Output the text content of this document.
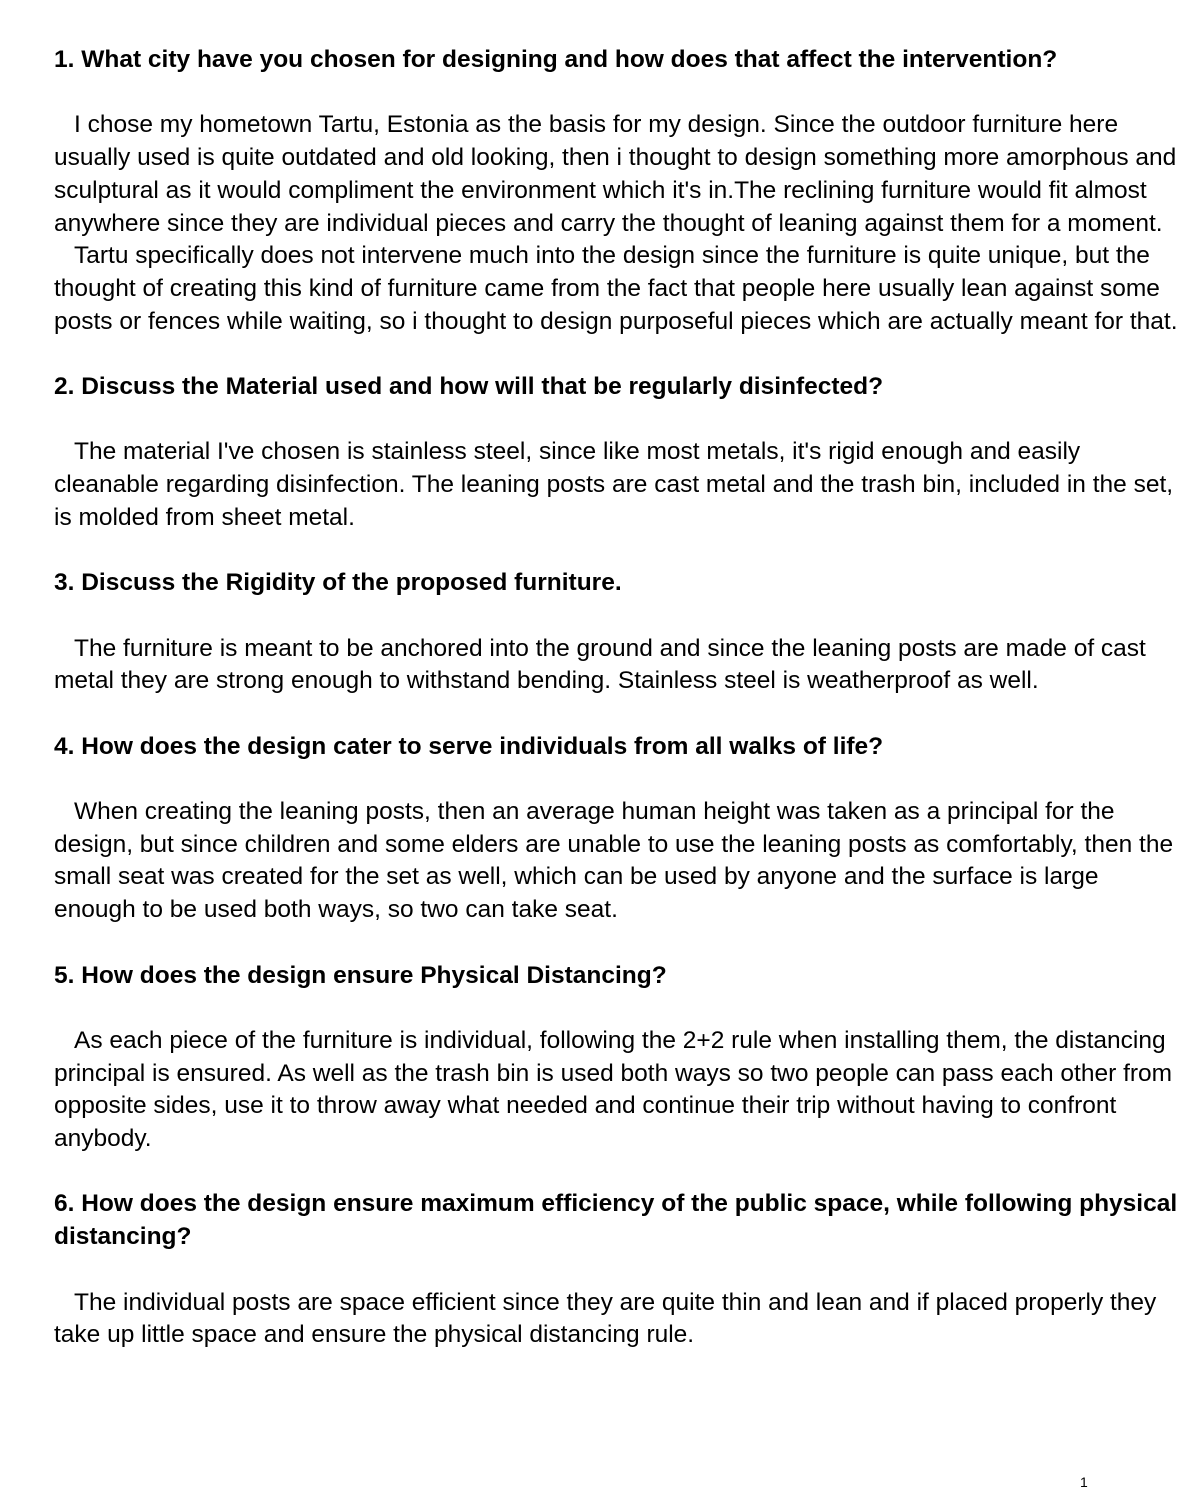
1. What city have you chosen for designing and how does that affect the intervention?

I chose my hometown Tartu, Estonia as the basis for my design. Since the outdoor furniture here usually used is quite outdated and old looking, then i thought to design something more amorphous and sculptural as it would compliment the environment which it's in.The reclining furniture would fit almost anywhere since they are individual pieces and carry the thought of leaning against them for a moment.

Tartu specifically does not intervene much into the design since the furniture is quite unique, but the thought of creating this kind of furniture came from the fact that people here usually lean against some posts or fences while waiting, so i thought to design purposeful pieces which are actually meant for that.

2. Discuss the Material used and how will that be regularly disinfected?

The material I've chosen is stainless steel, since like most metals, it's rigid enough and easily cleanable regarding disinfection. The leaning posts are cast metal and the trash bin, included in the set, is molded from sheet metal.

3. Discuss the Rigidity of the proposed furniture.

The furniture is meant to be anchored into the ground and since the leaning posts are made of cast metal they are strong enough to withstand bending. Stainless steel is weatherproof as well.

4. How does the design cater to serve individuals from all walks of life?

When creating the leaning posts, then an average human height was taken as a principal for the design, but since children and some elders are unable to use the leaning posts as comfortably, then the small seat was created for the set as well, which can be used by anyone and the surface is large enough to be used both ways, so two can take seat.

5. How does the design ensure Physical Distancing?

As each piece of the furniture is individual, following the 2+2 rule when installing them, the distancing principal is ensured. As well as the trash bin is used both ways so two people can pass each other from opposite sides, use it to throw away what needed and continue their trip without having to confront anybody.

6. How does the design ensure maximum efficiency of the public space, while following physical distancing?

The individual posts are space efficient since they are quite thin and lean and if placed properly they take up little space and ensure the physical distancing rule.

1
